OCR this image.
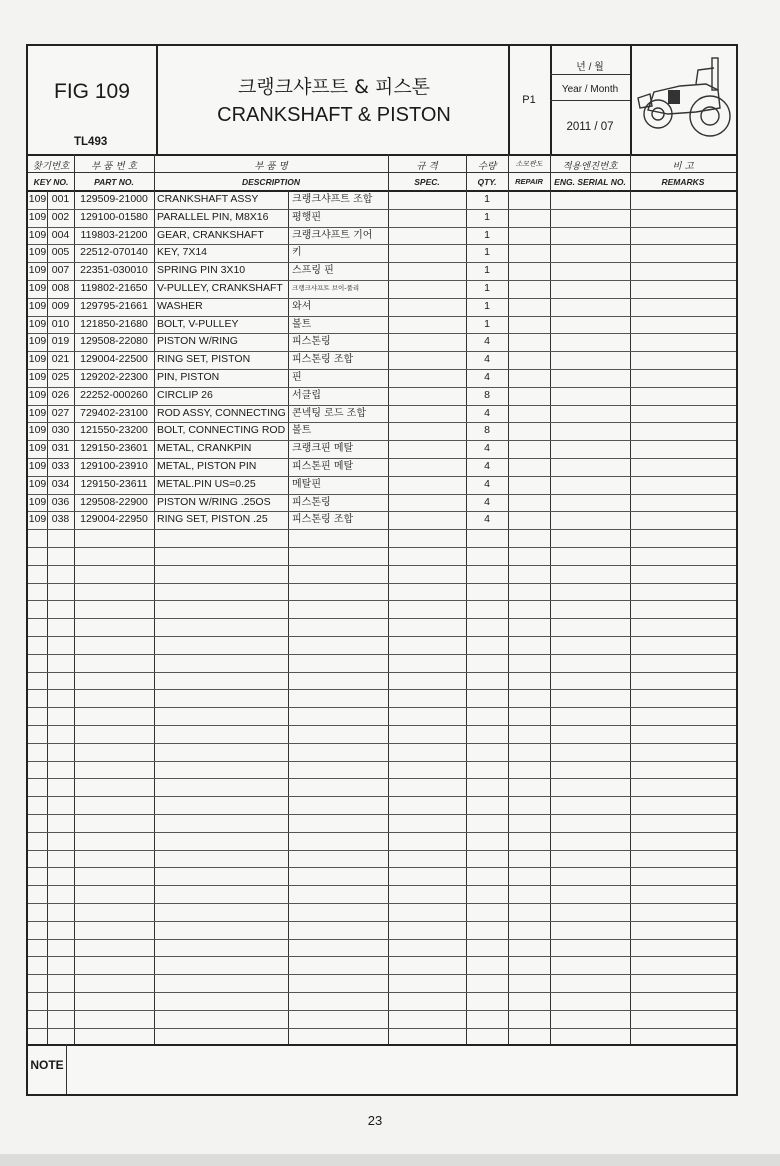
FIG 109
TL493
크랭크샤프트 & 피스톤
CRANKSHAFT & PISTON
P1
년 / 월
Year / Month
2011 / 07
찾기번호
KEY NO.
부 품 번 호
PART NO.
부 품 명
DESCRIPTION
규 격
SPEC.
수량
QTY.
소모판도
REPAIR
적용엔진번호
ENG. SERIAL NO.
비 고
REMARKS
109 001	129509-21000 CRANKSHAFT ASSY	크랭크샤프트 조합	1
109 002	129100-01580 PARALLEL PIN, M8X16	평행핀	1
109 004	119803-21200 GEAR, CRANKSHAFT	크랭크샤프트 기어	1
109 005	22512-070140 KEY, 7X14	키	1
109 007	22351-030010 SPRING PIN 3X10	스프링 핀	1
109 008	119802-21650 V-PULLEY, CRANKSHAFT	크랭크샤프트 브이-풀리	1
109 009	129795-21661 WASHER	와셔	1
109 010	121850-21680 BOLT, V-PULLEY	볼트	1
109 019	129508-22080 PISTON W/RING	피스톤링	4
109 021	129004-22500 RING SET, PISTON	피스톤링 조합	4
109 025	129202-22300 PIN, PISTON	핀	4
109 026	22252-000260 CIRCLIP 26	서클립	8
109 027	729402-23100 ROD ASSY, CONNECTING 콘넥팅 로드 조합	4
109 030	121550-23200 BOLT, CONNECTING ROD 볼트	8
109 031	129150-23601 METAL, CRANKPIN	크랭크핀 메탈	4
109 033	129100-23910 METAL, PISTON PIN	피스톤핀 메탈	4
109 034	129150-23611 METAL.PIN US=0.25	메탈핀	4
109 036	129508-22900 PISTON W/RING .25OS	피스톤링	4
109 038	129004-22950 RING SET, PISTON .25	피스톤링 조합	4
NOTE
23
